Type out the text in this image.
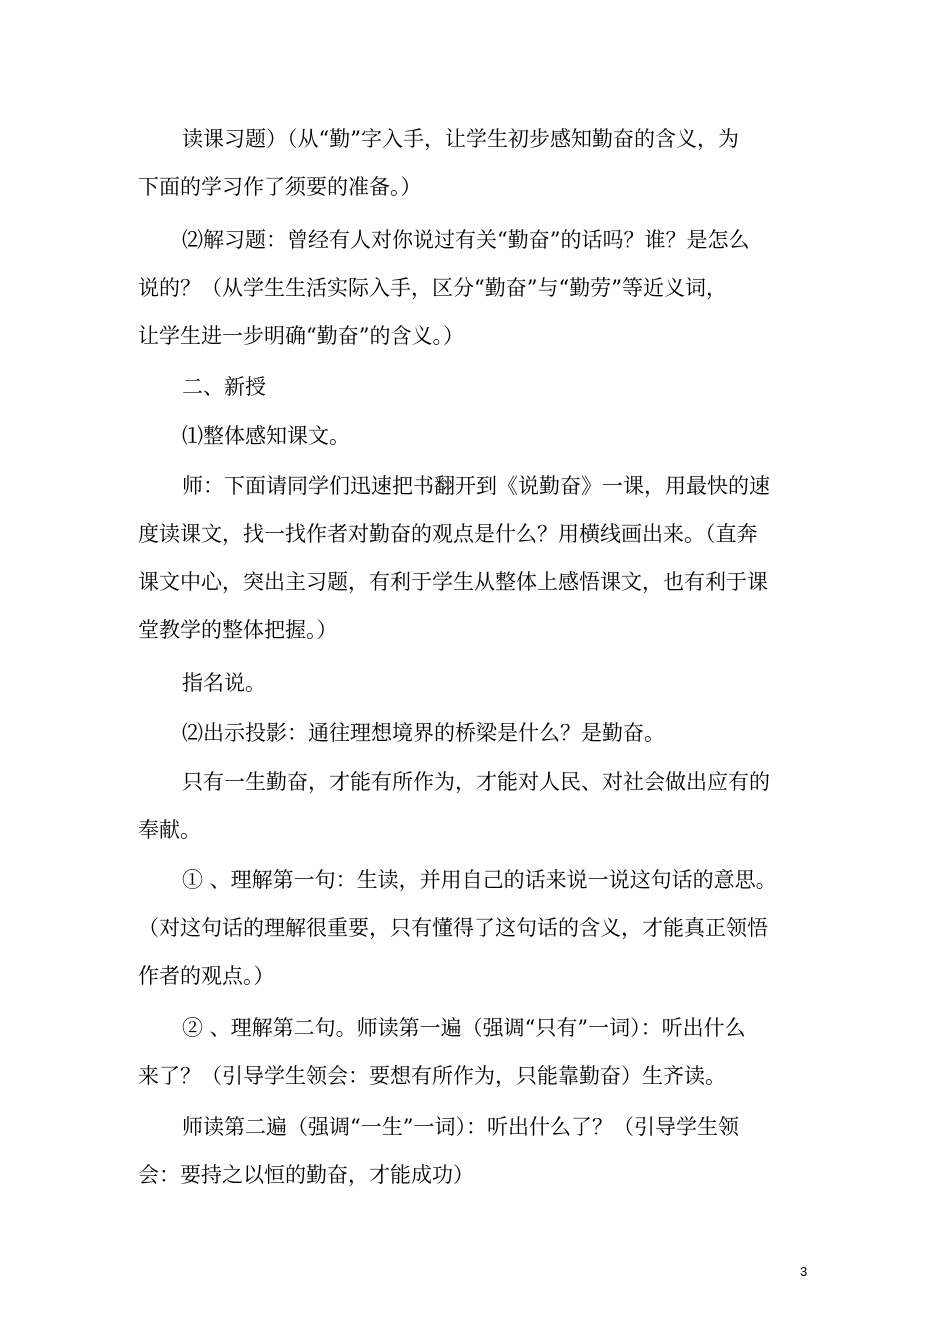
读课习题）（从“勤”字入手，让学生初步感知勤奋的含义，为
下面的学习作了须要的准备。）
⑵解习题：曾经有人对你说过有关“勤奋”的话吗？谁？是怎么
说的？（从学生生活实际入手，区分“勤奋”与“勤劳”等近义词，
让学生进一步明确“勤奋”的含义。）
二、新授
⑴整体感知课文。
师：下面请同学们迅速把书翻开到《说勤奋》一课，用最快的速
度读课文，找一找作者对勤奋的观点是什么？用横线画出来。（直奔
课文中心，突出主习题，有利于学生从整体上感悟课文，也有利于课
堂教学的整体把握。）
指名说。
⑵出示投影：通往理想境界的桥梁是什么？是勤奋。
只有一生勤奋，才能有所作为，才能对人民、对社会做出应有的
奉献。
① 、理解第一句：生读，并用自己的话来说一说这句话的意思。
（对这句话的理解很重要，只有懂得了这句话的含义，才能真正领悟
作者的观点。）
② 、理解第二句。师读第一遍（强调“只有”一词）：听出什么
来了？（引导学生领会：要想有所作为，只能靠勤奋）生齐读。
师读第二遍（强调“一生”一词）：听出什么了？（引导学生领
会：要持之以恒的勤奋，才能成功）
3
